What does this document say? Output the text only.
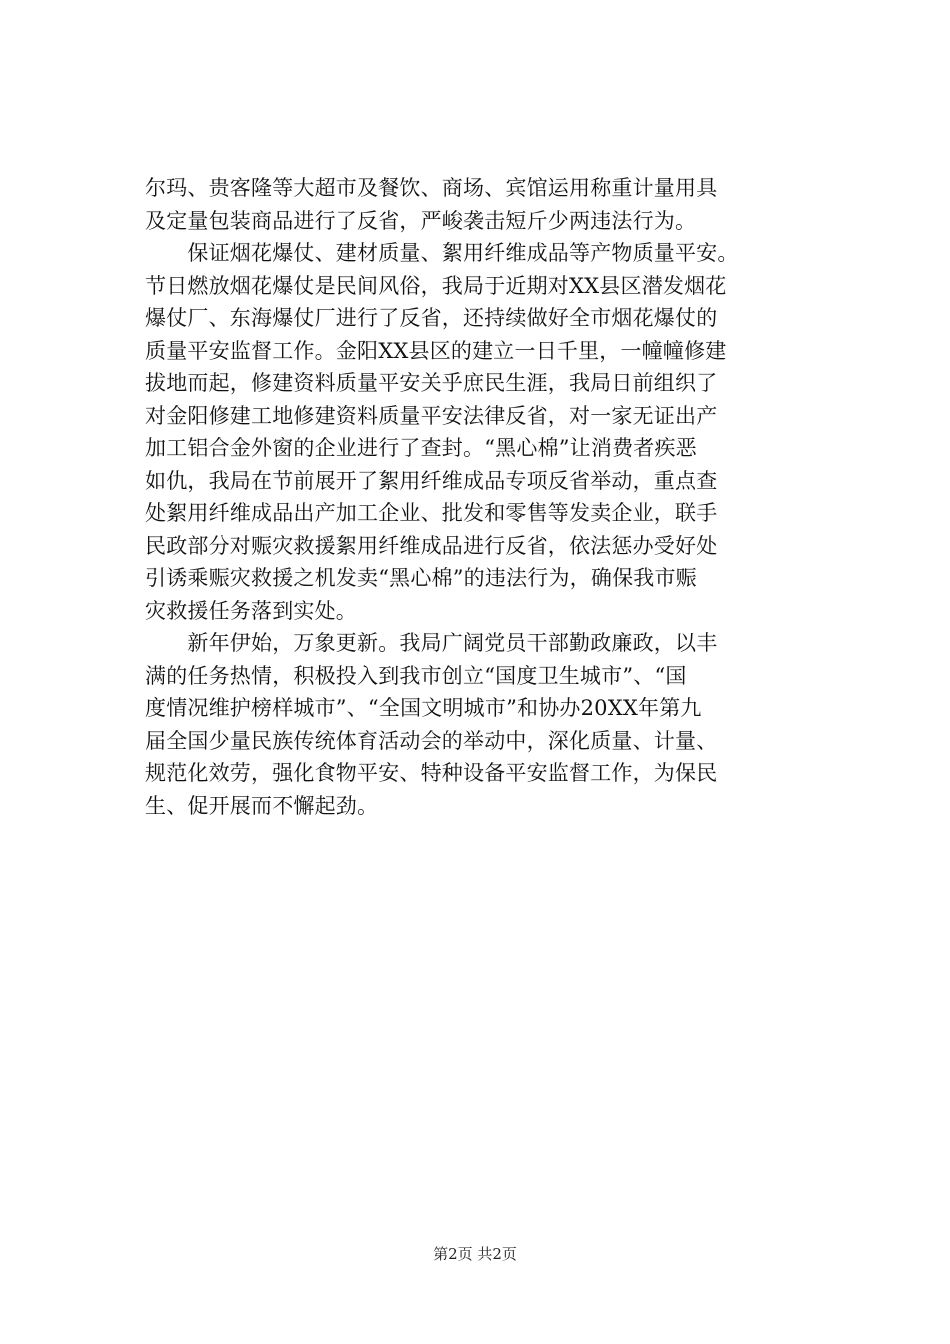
尔玛、贵客隆等大超市及餐饮、商场、宾馆运用称重计量用具
及定量包装商品进行了反省，严峻袭击短斤少两违法行为。
　　保证烟花爆仗、建材质量、絮用纤维成品等产物质量平安。
节日燃放烟花爆仗是民间风俗，我局于近期对XX县区潜发烟花
爆仗厂、东海爆仗厂进行了反省，还持续做好全市烟花爆仗的
质量平安监督工作。金阳XX县区的建立一日千里，一幢幢修建
拔地而起，修建资料质量平安关乎庶民生涯，我局日前组织了
对金阳修建工地修建资料质量平安法律反省，对一家无证出产
加工铝合金外窗的企业进行了查封。“黑心棉”让消费者疾恶
如仇，我局在节前展开了絮用纤维成品专项反省举动，重点查
处絮用纤维成品出产加工企业、批发和零售等发卖企业，联手
民政部分对赈灾救援絮用纤维成品进行反省，依法惩办受好处
引诱乘赈灾救援之机发卖“黑心棉”的违法行为，确保我市赈
灾救援任务落到实处。
　　新年伊始，万象更新。我局广阔党员干部勤政廉政，以丰
满的任务热情，积极投入到我市创立“国度卫生城市”、“国
度情况维护榜样城市”、“全国文明城市”和协办20XX年第九
届全国少量民族传统体育活动会的举动中，深化质量、计量、
规范化效劳，强化食物平安、特种设备平安监督工作，为保民
生、促开展而不懈起劲。
第2页 共2页
